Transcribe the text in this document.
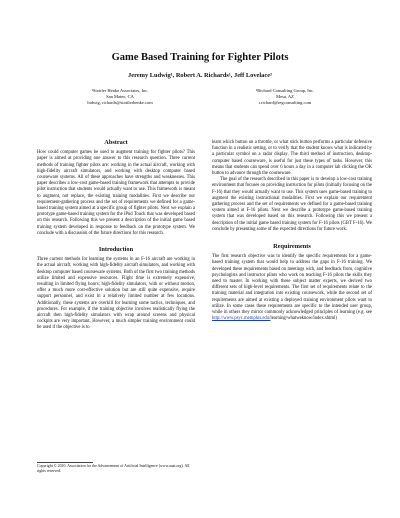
Game Based Training for Fighter Pilots

Jeremy Ludwig¹, Robert A. Richards¹, Jeff Lovelace²

¹Stottler Henke Associates, Inc.
San Mateo, CA
ludwig, richards@stottlerhenke.com
²Richard Consulting Group, Inc.
Mesa, AZ
r.richard@regconsulting.com
Abstract

How could computer games be used to augment training for fighter pilots? This paper is aimed at providing one answer to this research question. Three current methods of training fighter pilots are: working in the actual aircraft, working with high-fidelity aircraft simulators, and working with desktop computer based courseware systems. All of these approaches have strengths and weaknesses. This paper describes a low-cost game-based training framework that attempts to provide pilot instruction that students would actually want to use. This framework is meant to augment, not replace, the existing training modalities. First we describe our requirement-gathering process and the set of requirements we defined for a game-based training system aimed at a specific group of fighter pilots. Next we explain a prototype game-based training system for the iPod Touch that was developed based on this research. Following this we present a description of the initial game based training system developed in response to feedback on the prototype system. We conclude with a discussion of the future directions for this research.

Introduction

Three current methods for learning the systems in an F-16 aircraft are working in the actual aircraft, working with high-fidelity aircraft simulators, and working with desktop computer based courseware systems. Both of the first two training methods utilize limited and expensive resources. Flight time is extremely expensive, resulting in limited flying hours; high-fidelity simulators, with or without motion, offer a much more cost-effective solution but are still quite expensive, require support personnel, and exist in a relatively limited number at few locations. Additionally, these systems are overkill for learning some tactics, techniques, and procedures. For example, if the training objective involves realistically flying the aircraft then high-fidelity simulators with wrap around screens and physical cockpits are very important. However, a much simpler training environment could be used if the objective is to

learn which button on a throttle, or what stick button performs a particular defensive function in a realistic setting, or to verify that the student knows what is indicated by a particular symbol on a radar display. The third method of instruction, desktop-computer based courseware, is useful for just these types of tasks. However, this means that students can spend over 6 hours a day in a computer lab clicking the OK button to advance through the courseware.

The goal of the research described in this paper is to develop a low-cost training environment that focuses on providing instruction for pilots (initially focusing on the F-16) that they would actually want to use. This system uses game-based training to augment the existing instructional modalities. First we explain our requirement gathering process and the set of requirements we defined for a game-based training system aimed at F-16 pilots. Next we describe a prototype game-based training system that was developed based on this research. Following this we present a description of the initial game based training system for F-16 pilots (GBT F-16). We conclude by presenting some of the expected directions for future work.

Requirements

The first research objective was to identify the specific requirements for a game-based training system that would help to address the gaps in F-16 training. We developed these requirements based on meetings with, and feedback from, cognitive psychologists and instructor pilots who work on teaching F-16 pilots the skills they need to master. In working with these subject matter experts, we derived two different sets of high-level requirements. The first set of requirements relate to the training material and integration into existing coursework, while the second set of requirements are aimed at existing a deployed training environment pilots want to utilize. In some cases these requirements are specific to the intended user group, while in others they mirror commonly acknowledged principles of learning (e.g. see http://www.psyc.memphis.edu/learning/whatweknow/index.shtml)

Copyright © 2010, Association for the Advancement of Artificial Intelligence (www.aaai.org). All rights reserved.
